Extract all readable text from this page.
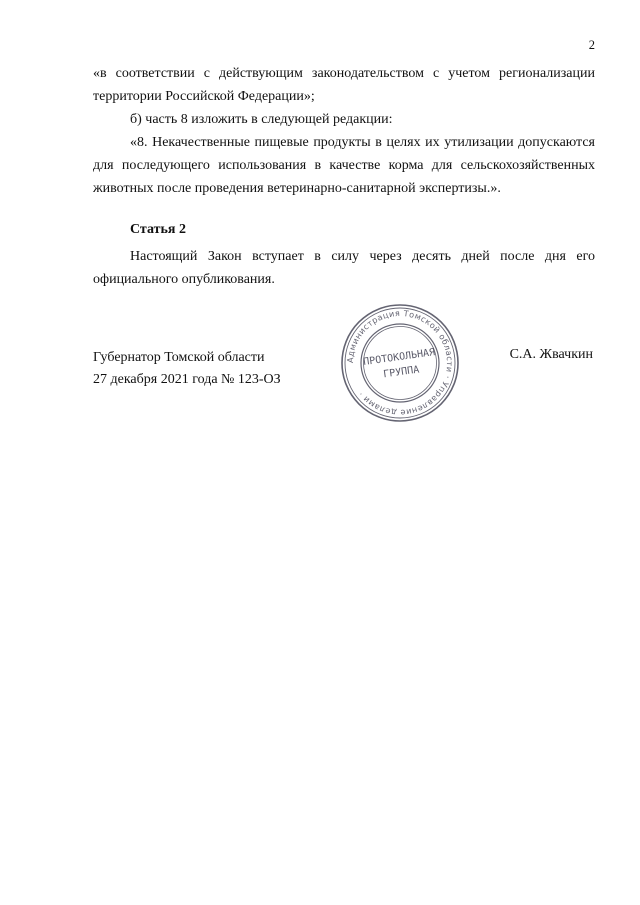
2

«в соответствии с действующим законодательством с учетом регионализации территории Российской Федерации»;

б) часть 8 изложить в следующей редакции:

«8. Некачественные пищевые продукты в целях их утилизации допускаются для последующего использования в качестве корма для сельскохозяйственных животных после проведения ветеринарно-санитарной экспертизы.».

Статья 2

Настоящий Закон вступает в силу через десять дней после дня его официального опубликования.

Губернатор Томской области
27 декабря 2021 года № 123-ОЗ
С.А. Жвачкин
Администрация Томской области · Управление делами ·
ПРОТОКОЛЬНАЯ
ГРУППА
